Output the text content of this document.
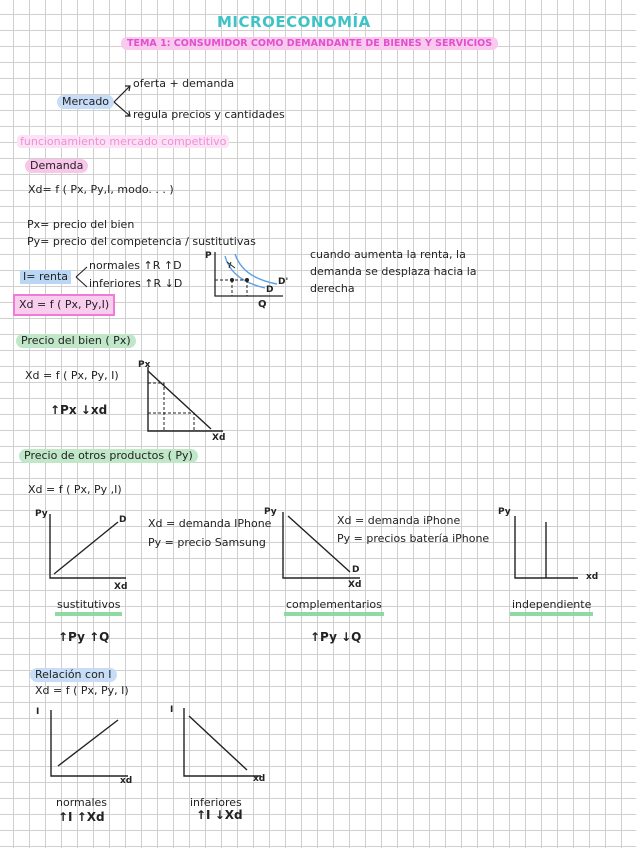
MICROECONOMÍA
TEMA 1: CONSUMIDOR COMO DEMANDANTE DE BIENES Y SERVICIOS
Mercado
oferta + demanda
regula precios y cantidades
funcionamiento mercado competitivo
Demanda
Xd= f ( Px, Py,I, modo. . . )
Px= precio del bien
Py= precio del competencia / sustitutivas
I= renta
normales ↑R ↑D
inferiores ↑R ↓D
Xd = f ( Px, Py,I)
P
Q
D
D'
cuando aumenta la renta, la
demanda se desplaza hacia la
derecha
Precio del bien ( Px)
Xd = f ( Px, Py, I)
↑Px ↓xd
Px
Xd
Precio de otros productos ( Py)
Xd = f ( Px, Py ,I)
Py
D
Xd
sustitutivos
↑Py ↑Q
Xd = demanda IPhone
Py = precio Samsung
Py
D
Xd
complementarios
↑Py ↓Q
Xd = demanda iPhone
Py = precios batería iPhone
Py
xd
independiente
Relación con I
Xd = f ( Px, Py, I)
I
xd
normales
↑I ↑Xd
I
xd
inferiores
↑I ↓Xd
